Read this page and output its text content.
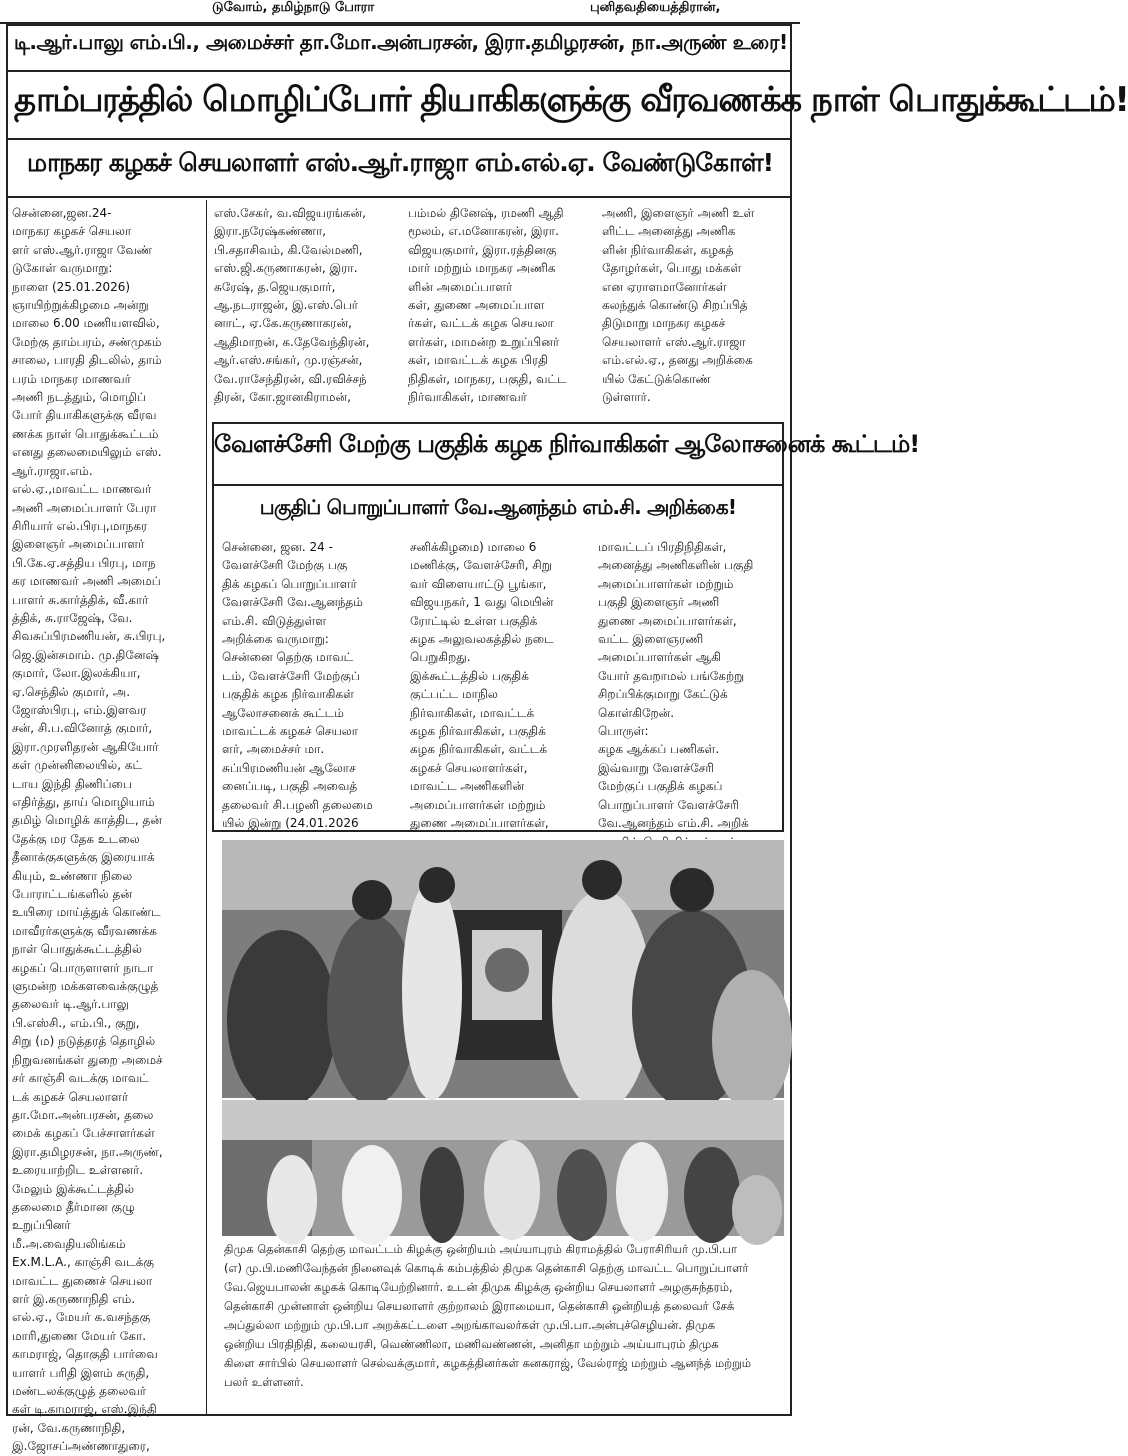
டுவோம், தமிழ்நாடு போரா	புனிதவதியைத்திரான்,
டி.ஆர்.பாலு எம்.பி., அமைச்சர் தா.மோ.அன்பரசன், இரா.தமிழரசன், நா.அருண் உரை!
தாம்பரத்தில் மொழிப்போர் தியாகிகளுக்கு வீரவணக்க நாள் பொதுக்கூட்டம்!
மாநகர கழகச் செயலாளர் எஸ்.ஆர்.ராஜா எம்.எல்.ஏ. வேண்டுகோள்!
சென்னை,ஜன.24-
மாநகர கழகச் செயலா
ளர் எஸ்.ஆர்.ராஜா வேண்
டுகோள் வருமாறு:
நாளை (25.01.2026)
ஞாயிற்றுக்கிழமை அன்று
மாலை 6.00 மணியளவில்,
மேற்கு தாம்பரம், சண்முகம்
சாலை, பாரதி திடலில், தாம்
பரம் மாநகர மாணவர்
அணி நடத்தும், மொழிப்
போர் தியாகிகளுக்கு வீரவ
ணக்க நாள் பொதுக்கூட்டம்
எனது தலைமையிலும் எஸ்.
ஆர்.ராஜா.எம்.
எல்.ஏ.,மாவட்ட மாணவர்
அணி அமைப்பாளர் பேரா
சிரியார் எல்.பிரபு,மாநகர
இளைஞர் அமைப்பாளர்
பி.கே.ஏ.சத்திய பிரபு, மாந
கர மாணவர் அணி அமைப்
பாளர் சு.கார்த்திக், வீ.கார்
த்திக், சு.ராஜேஷ், வே.
சிவசுப்பிரமணியன், சு.பிரபு,
ஜெ.இன்சமாம். மு.தினேஷ்
குமார், லோ.இலக்கியா,
ஏ.செந்தில் குமார், அ.
ஜோஸ்பிரபு, எம்.இளவர
சன், சி.ப.வினோத் குமார்,
இரா.முரளிதரன் ஆகியோர்
கள் முன்னிலையில், கட்
டாய இந்தி திணிப்பை
எதிர்த்து, தாய் மொழியாம்
தமிழ் மொழிக் காத்திட, தன்
தேக்கு மர தேக உடலை
தீனாக்குகளுக்கு இரையாக்
கியும், உண்ணா நிலை
போராட்டங்களில் தன்
உயிரை மாய்த்துக் கொண்ட
மாவீரர்களுக்கு வீரவணக்க
நாள் பொதுக்கூட்டத்தில்
கழகப் பொருளாளர் நாடா
ளுமன்ற மக்களவைக்குழுத்
தலைவர் டி.ஆர்.பாலு
பி.எஸ்சி., எம்.பி., குறு,
சிறு (ம) நடுத்தரத் தொழில்
நிறுவனங்கள் துறை அமைச்
சர் காஞ்சி வடக்கு மாவட்
டக் கழகச் செயலாளர்
தா.மோ.அன்பரசன், தலை
மைக் கழகப் பேச்சாளர்கள்
இரா.தமிழரசன், நா.அருண்,
உரையாற்றிட உள்ளனர்.
மேலும் இக்கூட்டத்தில்
தலைமை தீர்மான குழு
உறுப்பினர்
மீ.அ.வைதியலிங்கம்
Ex.M.L.A., காஞ்சி வடக்கு
மாவட்ட துணைச் செயலா
ளர் இ.கருணாநிதி எம்.
எல்.ஏ., மேயர் க.வசந்தகு
மாரி,துணை மேயர் கோ.
காமராஜ், தொகுதி பார்வை
யாளர் பரிதி இளம் சுருதி,
மண்டலக்குழுத் தலைவர்
கள் டி.காமராஜ், எஸ்.இந்தி
ரன், வே.கருணாநிதி,
இ.ஜோசப்அண்ணாதுரை,
எஸ்.சேகர், வ.விஜயரங்கன்,
இரா.நரேஷ்கண்ணா,
பி.சதாசிவம், கி.வேல்மணி,
எஸ்.ஜி.கருணாகரன், இரா.
சுரேஷ், த.ஜெயகுமார்,
ஆ.நடராஜன், இ.எஸ்.பெர்
னாட், ஏ.கே.கருணாகரன்,
ஆதிமாறன், க.தேவேந்திரன்,
ஆர்.எஸ்.சங்கர், மு.ரஞ்சன்,
வே.ராசேந்திரன், வி.ரவிச்சந்
திரன், கோ.ஜானகிராமன்,
பம்மல் தினேஷ், ரமணி ஆதி
மூலம், எ.மனோகரன், இரா.
விஜயகுமார், இரா.ரத்தினகு
மார் மற்றும் மாநகர அணிக
ளின் அமைப்பாளர்
கள், துணை அமைப்பாள
ர்கள், வட்டக் கழக செயலா
ளர்கள், மாமன்ற உறுப்பினர்
கள், மாவட்டக் கழக பிரதி
நிதிகள், மாநகர, பகுதி, வட்ட
நிர்வாகிகள், மாணவர்
அணி, இளைஞர் அணி உள்
ளிட்ட அனைத்து அணிக
ளின் நிர்வாகிகள், கழகத்
தோழர்கள், பொது மக்கள்
என ஏராளமானோர்கள்
கலந்துக் கொண்டு சிறப்பித்
திடுமாறு மாநகர கழகச்
செயலாளர் எஸ்.ஆர்.ராஜா
எம்.எல்.ஏ., தனது அறிக்கை
யில் கேட்டுக்கொண்
டுள்ளார்.
வேளச்சேரி மேற்கு பகுதிக் கழக நிர்வாகிகள் ஆலோசனைக் கூட்டம்!
பகுதிப் பொறுப்பாளர் வே.ஆனந்தம் எம்.சி. அறிக்கை!
சென்னை, ஜன. 24 -
வேளச்சேரி மேற்கு பகு
திக் கழகப் பொறுப்பாளர்
வேளச்சேரி வே.ஆனந்தம்
எம்.சி. விடுத்துள்ள
அறிக்கை வருமாறு:
சென்னை தெற்கு மாவட்
டம், வேளச்சேரி மேற்குப்
பகுதிக் கழக நிர்வாகிகள்
ஆலோசனைக் கூட்டம்
மாவட்டக் கழகச் செயலா
ளர், அமைச்சர் மா.
சுப்பிரமணியன் ஆலோச
னைப்படி, பகுதி அவைத்
தலைவர் சி.பழனி தலைமை
யில் இன்று (24.01.2026
சனிக்கிழமை) மாலை 6
மணிக்கு, வேளச்சேரி, சிறு
வர் விளையாட்டு பூங்கா,
விஜயநகர், 1 வது மெயின்
ரோட்டில் உள்ள பகுதிக்
கழக அலுவலகத்தில் நடை
பெறுகிறது.
இக்கூட்டத்தில் பகுதிக்
குட்பட்ட மாநில
நிர்வாகிகள், மாவட்டக்
கழக நிர்வாகிகள், பகுதிக்
கழக நிர்வாகிகள், வட்டக்
கழகச் செயலாளர்கள்,
மாவட்ட அணிகளின்
அமைப்பாளர்கள் மற்றும்
துணை அமைப்பாளர்கள்,
மாவட்டப் பிரதிநிதிகள்,
அனைத்து அணிகளின் பகுதி
அமைப்பாளர்கள் மற்றும்
பகுதி இளைஞர் அணி
துணை அமைப்பாளர்கள்,
வட்ட இளைஞரணி
அமைப்பாளர்கள் ஆகி
யோர் தவறாமல் பங்கேற்று
சிறப்பிக்குமாறு கேட்டுக்
கொள்கிறேன்.
பொருள்:
கழக ஆக்கப் பணிகள்.
இவ்வாறு வேளச்சேரி
மேற்குப் பகுதிக் கழகப்
பொறுப்பாளர் வேளச்சேரி
வே.ஆனந்தம் எம்.சி. அறிக்

திமுக தென்காசி தெற்கு மாவட்டம் கிழக்கு ஒன்றியம் அய்யாபுரம் கிராமத்தில் பேராசிரியர் மு.பி.பா
(எ) மு.பி.மணிவேந்தன் நினைவுக் கொடிக் கம்பத்தில் திமுக தென்காசி தெற்கு மாவட்ட பொறுப்பாளர்
வே.ஜெயபாலன் கழகக் கொடியேற்றினார். உடன் திமுக கிழக்கு ஒன்றிய செயலாளர் அழகுசுந்தரம்,
தென்காசி முன்னாள் ஒன்றிய செயலாளர் குற்றாலம் இராமையா, தென்காசி ஒன்றியத் தலைவர் சேக்
அப்துல்லா மற்றும் மு.பி.பா அறக்கட்டளை அறங்காவலர்கள் மு.பி.பா.அன்புச்செழியன். திமுக
ஒன்றிய பிரதிநிதி, கலையரசி, வெண்ணிலா, மணிவண்ணன், அனிதா மற்றும் அய்யாபுரம் திமுக
கிளை சார்பில் செயலாளர் செல்வக்குமார், கழகத்தினர்கள் கனகராஜ், வேல்ராஜ் மற்றும் ஆனந்த் மற்றும்
பலர் உள்ளனர்.
